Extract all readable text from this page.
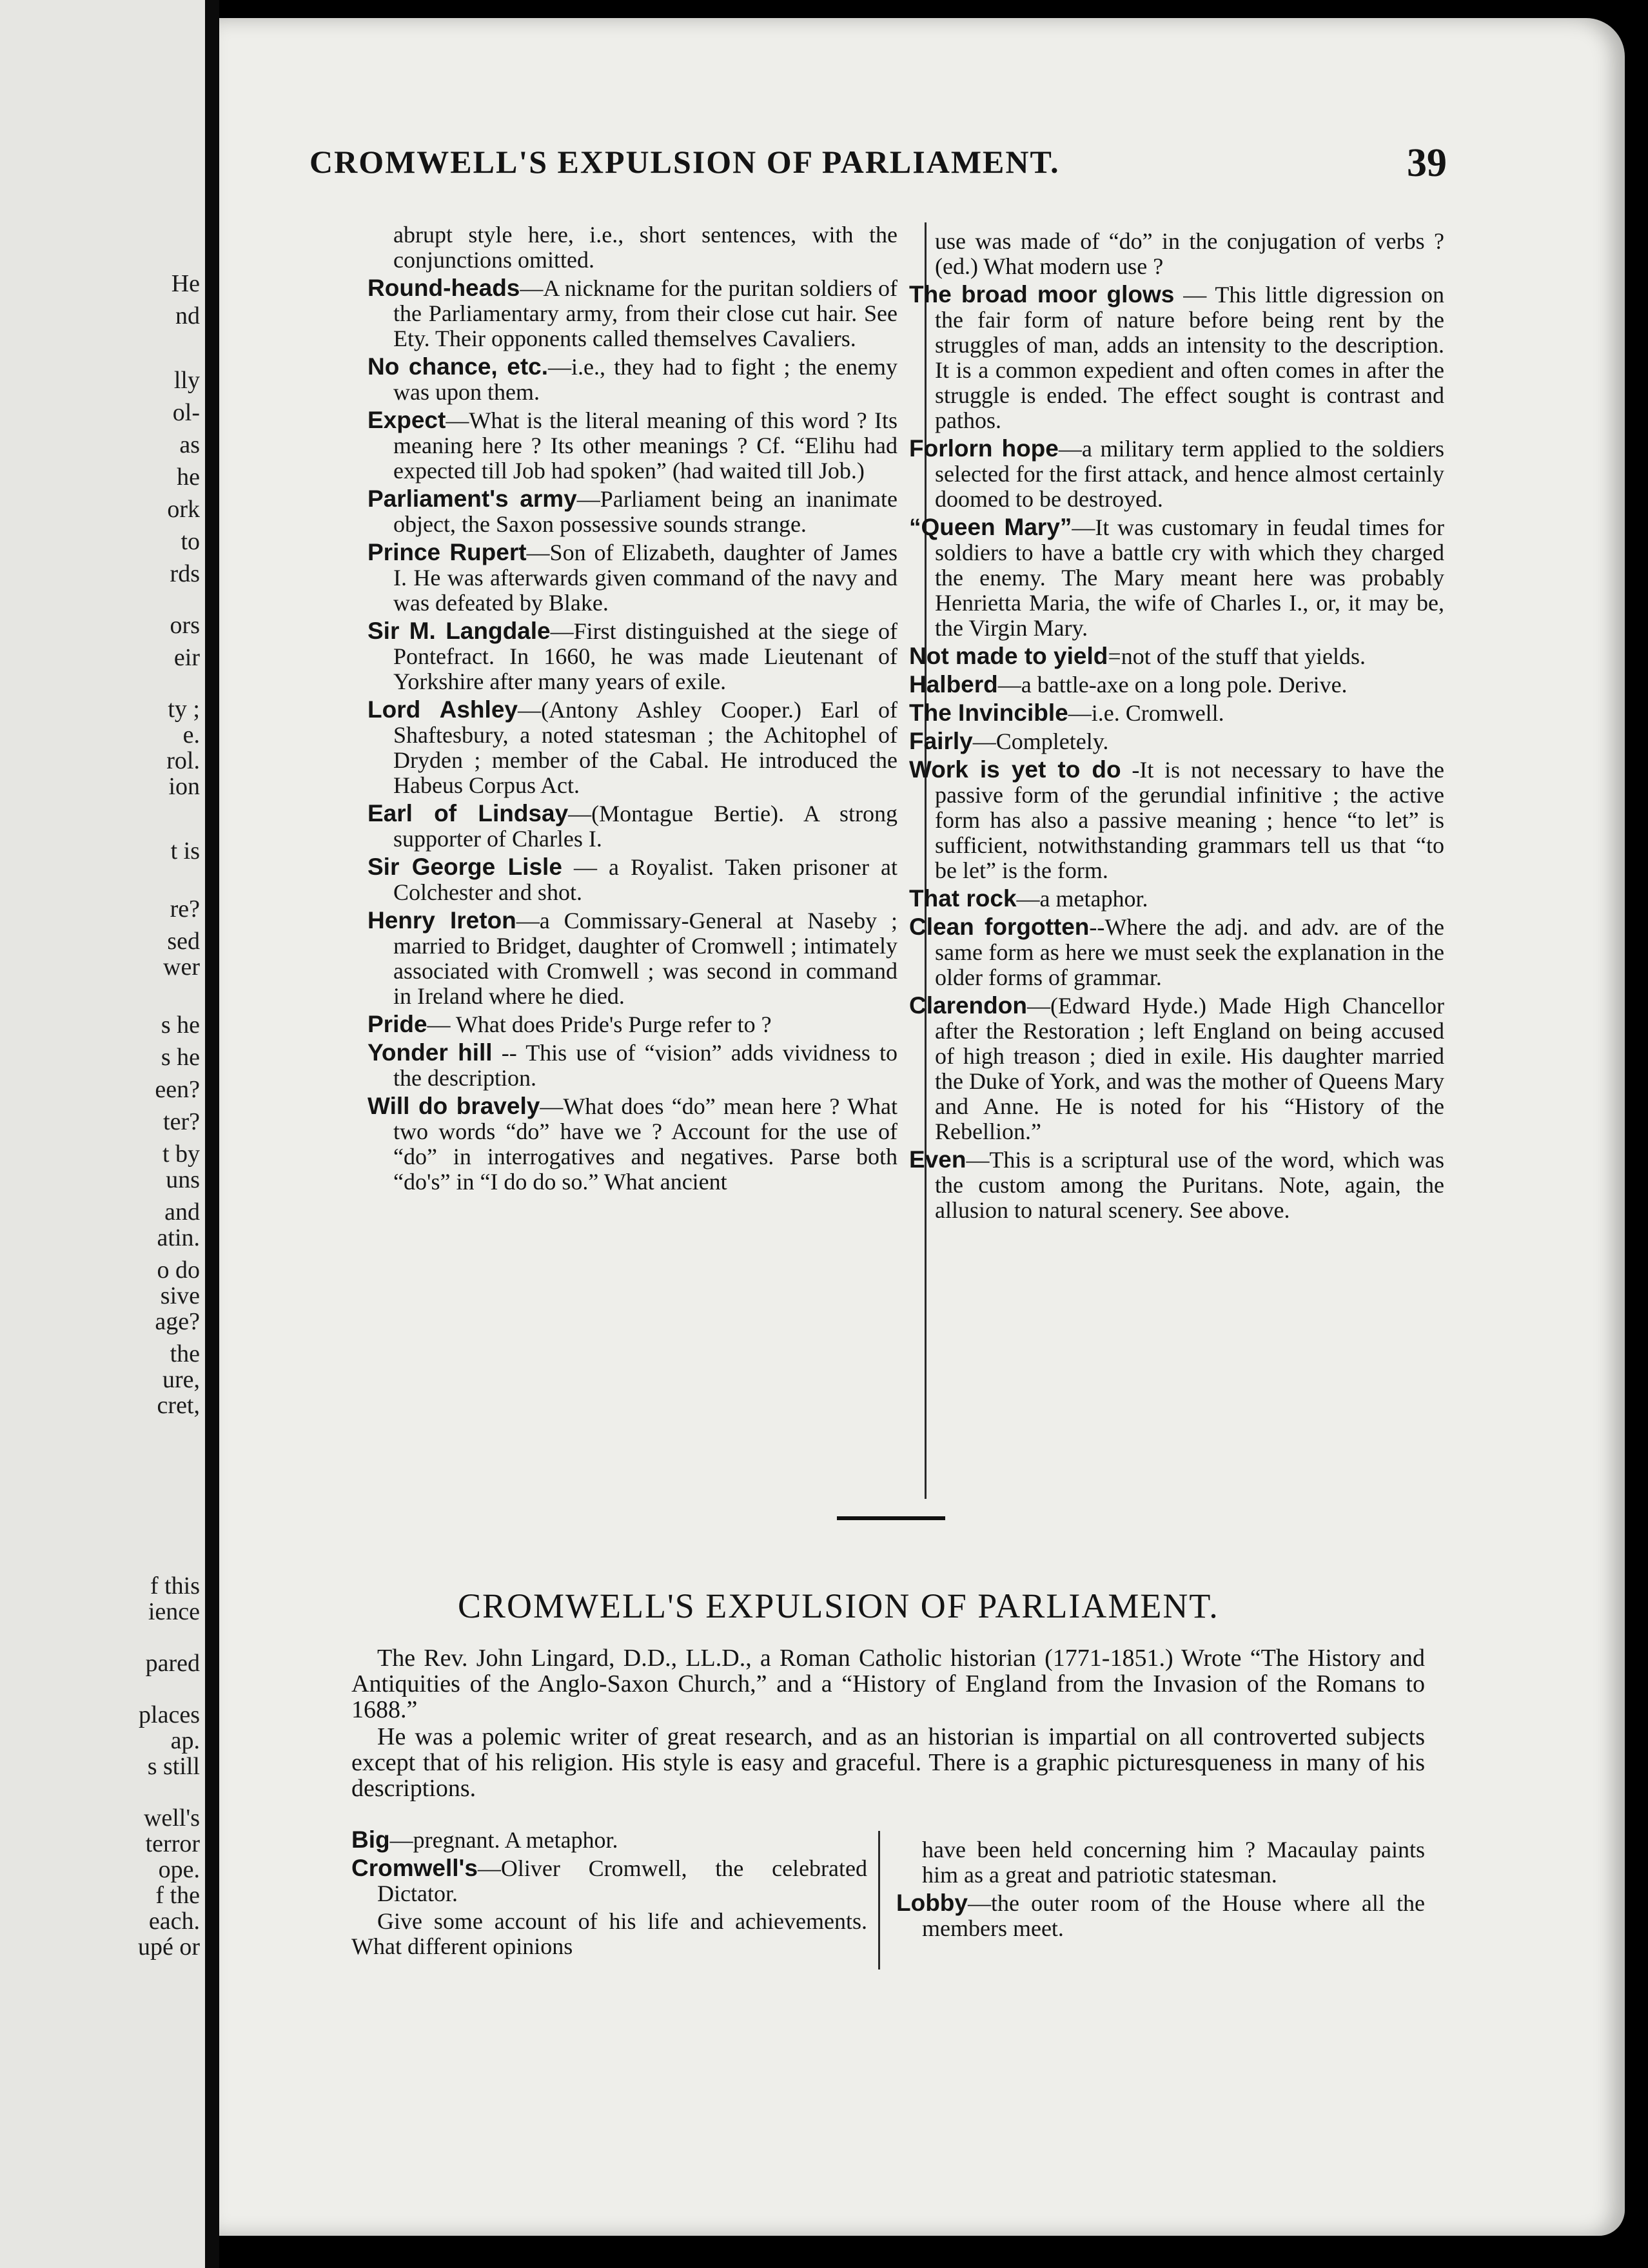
He
nd
lly
ol-
as
he
ork
to
rds
ors
eir
ty ;
e.
rol.
ion
t is
re?
sed
wer
s he
s he
een?
ter?
t by
uns
and
atin.
o do
sive
age?
the
ure,
cret,
f this
ience
pared
places
ap.
s still
well's
terror
ope.
f the
each.
upé or
CROMWELL'S EXPULSION OF PARLIAMENT.	39

abrupt style here, i.e., short sentences, with the conjunctions omitted.

Round-heads—A nickname for the puritan soldiers of the Parliamentary army, from their close cut hair. See Ety. Their opponents called themselves Cavaliers.

No chance, etc.—i.e., they had to fight ; the enemy was upon them.

Expect—What is the literal meaning of this word ? Its meaning here ? Its other meanings ? Cf. “Elihu had expected till Job had spoken” (had waited till Job.)

Parliament's army—Parliament being an inanimate object, the Saxon possessive sounds strange.

Prince Rupert—Son of Elizabeth, daughter of James I. He was afterwards given command of the navy and was defeated by Blake.

Sir M. Langdale—First distinguished at the siege of Pontefract. In 1660, he was made Lieutenant of Yorkshire after many years of exile.

Lord Ashley—(Antony Ashley Cooper.) Earl of Shaftesbury, a noted statesman ; the Achitophel of Dryden ; member of the Cabal. He introduced the Habeus Corpus Act.

Earl of Lindsay—(Montague Bertie). A strong supporter of Charles I.

Sir George Lisle — a Royalist. Taken prisoner at Colchester and shot.

Henry Ireton—a Commissary-General at Naseby ; married to Bridget, daughter of Cromwell ; intimately associated with Cromwell ; was second in command in Ireland where he died.

Pride— What does Pride's Purge refer to ?

Yonder hill -- This use of “vision” adds vividness to the description.

Will do bravely—What does “do” mean here ? What two words “do” have we ? Account for the use of “do” in interrogatives and negatives. Parse both “do's” in “I do do so.” What ancient

use was made of “do” in the conjugation of verbs ? (ed.) What modern use ?

The broad moor glows — This little digression on the fair form of nature before being rent by the struggles of man, adds an intensity to the description. It is a common expedient and often comes in after the struggle is ended. The effect sought is contrast and pathos.

Forlorn hope—a military term applied to the soldiers selected for the first attack, and hence almost certainly doomed to be destroyed.

“Queen Mary”—It was customary in feudal times for soldiers to have a battle cry with which they charged the enemy. The Mary meant here was probably Henrietta Maria, the wife of Charles I., or, it may be, the Virgin Mary.

Not made to yield=not of the stuff that yields.

Halberd—a battle-axe on a long pole. Derive.

The Invincible—i.e. Cromwell.

Fairly—Completely.

Work is yet to do -It is not necessary to have the passive form of the gerundial infinitive ; the active form has also a passive meaning ; hence “to let” is sufficient, notwithstanding grammars tell us that “to be let” is the form.

That rock—a metaphor.

Clean forgotten--Where the adj. and adv. are of the same form as here we must seek the explanation in the older forms of grammar.

Clarendon—(Edward Hyde.) Made High Chancellor after the Restoration ; left England on being accused of high treason ; died in exile. His daughter married the Duke of York, and was the mother of Queens Mary and Anne. He is noted for his “History of the Rebellion.”

Even—This is a scriptural use of the word, which was the custom among the Puritans. Note, again, the allusion to natural scenery. See above.

CROMWELL'S EXPULSION OF PARLIAMENT.

The Rev. John Lingard, D.D., LL.D., a Roman Catholic historian (1771-1851.) Wrote “The History and Antiquities of the Anglo-Saxon Church,” and a “History of England from the Invasion of the Romans to 1688.”

He was a polemic writer of great research, and as an historian is impartial on all controverted subjects except that of his religion. His style is easy and graceful. There is a graphic picturesqueness in many of his descriptions.

Big—pregnant. A metaphor.

Cromwell's—Oliver Cromwell, the celebrated Dictator.

Give some account of his life and achievements. What different opinions

have been held concerning him ? Macaulay paints him as a great and patriotic statesman.

Lobby—the outer room of the House where all the members meet.
